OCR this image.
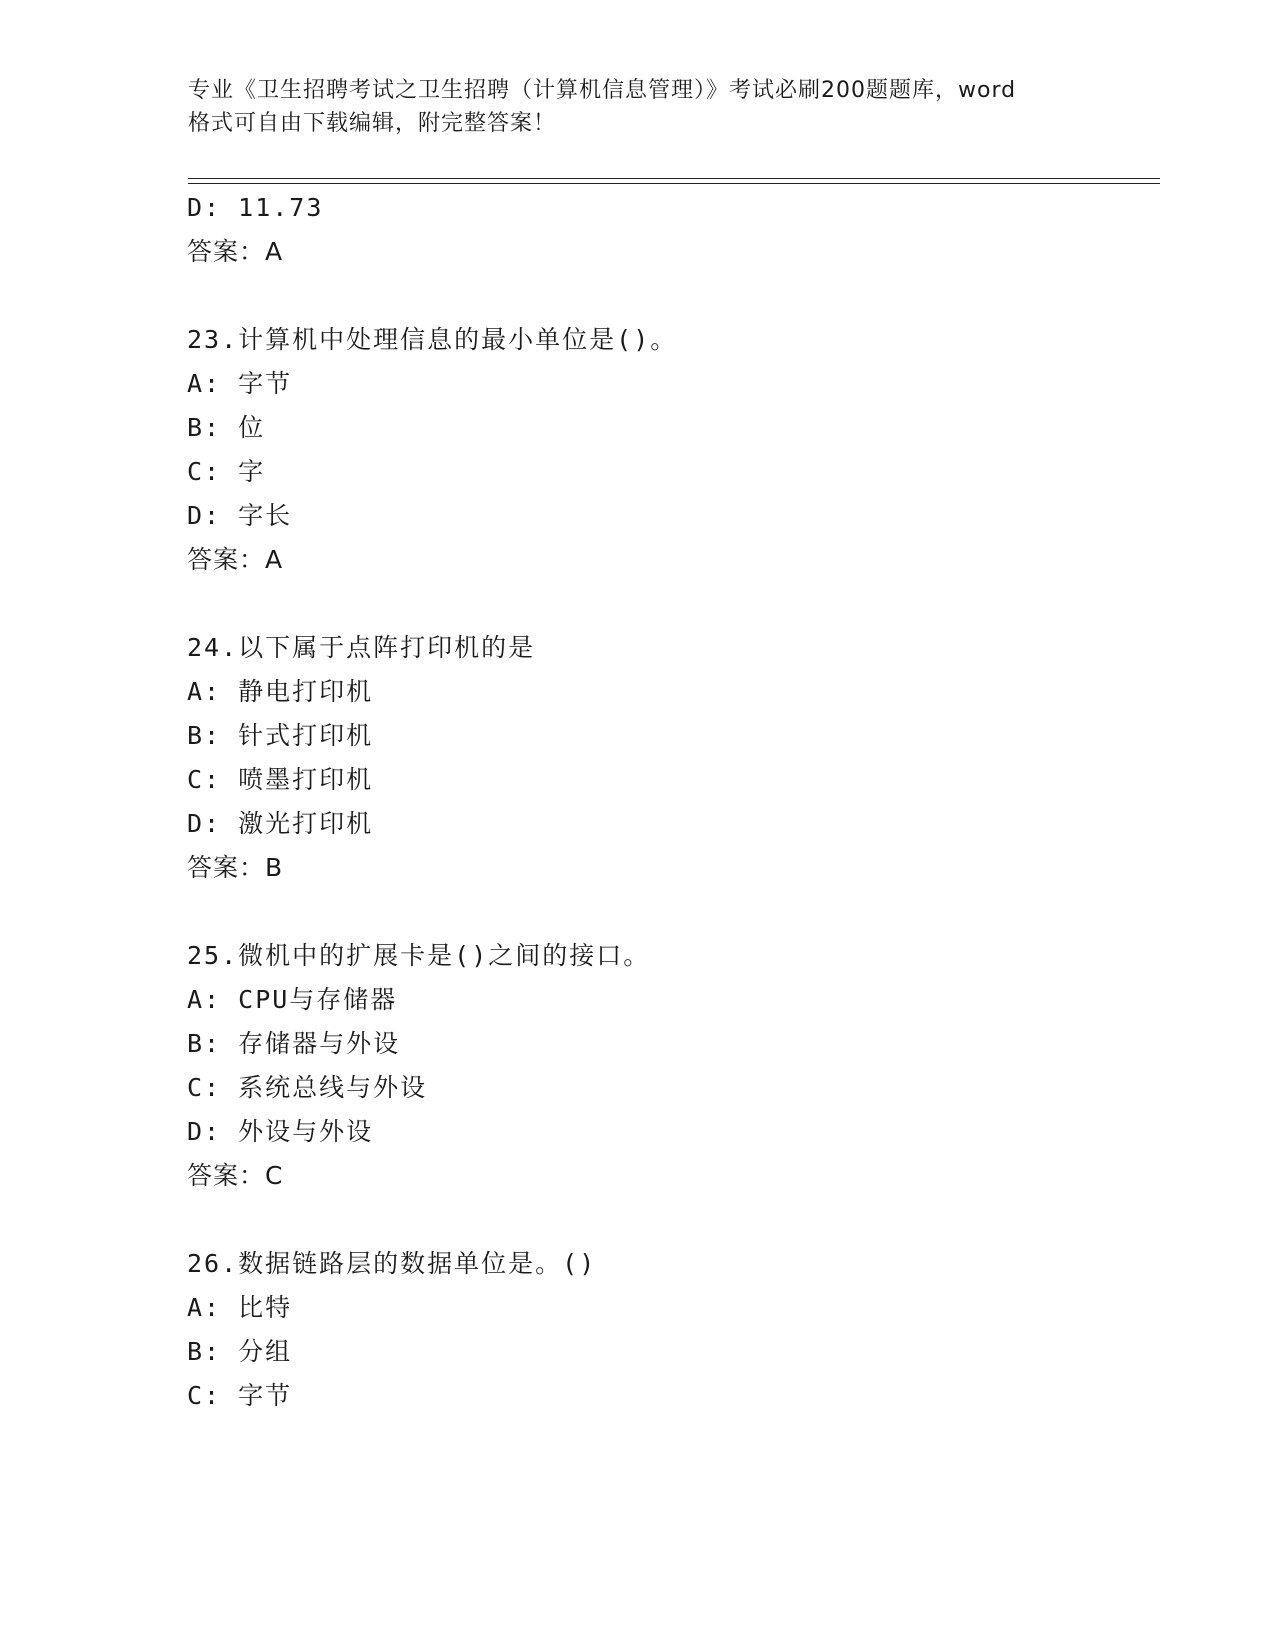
专业《卫生招聘考试之卫生招聘（计算机信息管理）》考试必刷200题题库，word
格式可自由下载编辑，附完整答案！
D: 11.73
答案：A
23.计算机中处理信息的最小单位是()。
A: 字节
B: 位
C: 字
D: 字长
答案：A
24.以下属于点阵打印机的是
A: 静电打印机
B: 针式打印机
C: 喷墨打印机
D: 激光打印机
答案：B
25.微机中的扩展卡是()之间的接口。
A: CPU与存储器
B: 存储器与外设
C: 系统总线与外设
D: 外设与外设
答案：C
26.数据链路层的数据单位是。()
A: 比特
B: 分组
C: 字节
